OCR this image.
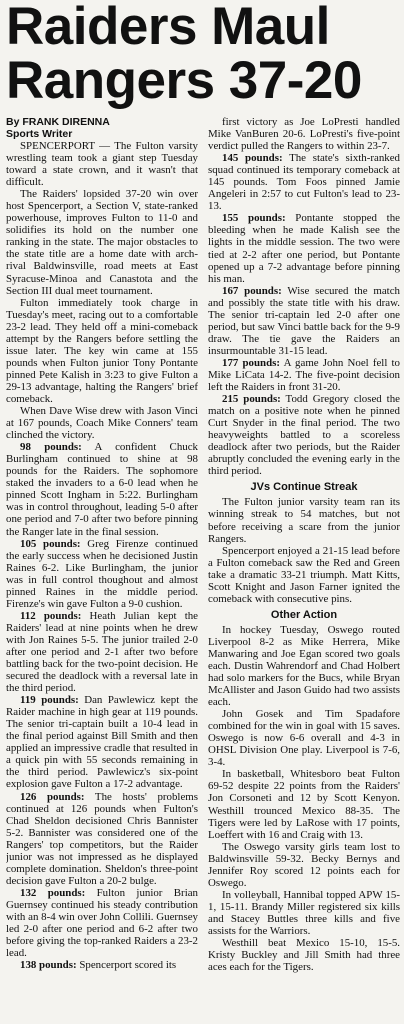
Raiders Maul
Rangers 37-20
By FRANK DIRENNA
Sports Writer

SPENCERPORT — The Fulton varsity wrestling team took a giant step Tuesday toward a state crown, and it wasn't that difficult.

The Raiders' lopsided 37-20 win over host Spencerport, a Section V, state-ranked powerhouse, improves Fulton to 11-0 and solidifies its hold on the number one ranking in the state. The major obstacles to the state title are a home date with arch-rival Baldwinsville, road meets at East Syracuse-Minoa and Canastota and the Section III dual meet tournament.

Fulton immediately took charge in Tuesday's meet, racing out to a comfortable 23-2 lead. They held off a mini-comeback attempt by the Rangers before settling the issue later. The key win came at 155 pounds when Fulton junior Tony Pontante pinned Pete Kalish in 3:23 to give Fulton a 29-13 advantage, halting the Rangers' brief comeback.

When Dave Wise drew with Jason Vinci at 167 pounds, Coach Mike Conners' team clinched the victory.

98 pounds: A confident Chuck Burlingham continued to shine at 98 pounds for the Raiders. The sophomore staked the invaders to a 6-0 lead when he pinned Scott Ingham in 5:22. Burlingham was in control throughout, leading 5-0 after one period and 7-0 after two before pinning the Ranger late in the final session.

105 pounds: Greg Firenze continued the early success when he decisioned Justin Raines 6-2. Like Burlingham, the junior was in full control thoughout and almost pinned Raines in the middle period. Firenze's win gave Fulton a 9-0 cushion.

112 pounds: Heath Julian kept the Raiders' lead at nine points when he drew with Jon Raines 5-5. The junior trailed 2-0 after one period and 2-1 after two before battling back for the two-point decision. He secured the deadlock with a reversal late in the third period.

119 pounds: Dan Pawlewicz kept the Raider machine in high gear at 119 pounds. The senior tri-captain built a 10-4 lead in the final period against Bill Smith and then applied an impressive cradle that resulted in a quick pin with 55 seconds remaining in the third period. Pawlewicz's six-point explosion gave Fulton a 17-2 advantage.

126 pounds: The hosts' problems continued at 126 pounds when Fulton's Chad Sheldon decisioned Chris Bannister 5-2. Bannister was considered one of the Rangers' top competitors, but the Raider junior was not impressed as he displayed complete domination. Sheldon's three-point decision gave Fulton a 20-2 bulge.

132 pounds: Fulton junior Brian Guernsey continued his steady contribution with an 8-4 win over John Collili. Guernsey led 2-0 after one period and 6-2 after two before giving the top-ranked Raiders a 23-2 lead.

138 pounds: Spencerport scored its

first victory as Joe LoPresti handled Mike VanBuren 20-6. LoPresti's five-point verdict pulled the Rangers to within 23-7.

145 pounds: The state's sixth-ranked squad continued its temporary comeback at 145 pounds. Tom Foos pinned Jamie Angeleri in 2:57 to cut Fulton's lead to 23-13.

155 pounds: Pontante stopped the bleeding when he made Kalish see the lights in the middle session. The two were tied at 2-2 after one period, but Pontante opened up a 7-2 advantage before pinning his man.

167 pounds: Wise secured the match and possibly the state title with his draw. The senior tri-captain led 2-0 after one period, but saw Vinci battle back for the 9-9 draw. The tie gave the Raiders an insurmountable 31-15 lead.

177 pounds: A game John Noel fell to Mike LiCata 14-2. The five-point decision left the Raiders in front 31-20.

215 pounds: Todd Gregory closed the match on a positive note when he pinned Curt Snyder in the final period. The two heavyweights battled to a scoreless deadlock after two periods, but the Raider abruptly concluded the evening early in the third period.

JVs Continue Streak

The Fulton junior varsity team ran its winning streak to 54 matches, but not before receiving a scare from the junior Rangers.

Spencerport enjoyed a 21-15 lead before a Fulton comeback saw the Red and Green take a dramatic 33-21 triumph. Matt Kitts, Scott Knight and Jason Farner ignited the comeback with consecutive pins.

Other Action

In hockey Tuesday, Oswego routed Liverpool 8-2 as Mike Herrera, Mike Manwaring and Joe Egan scored two goals each. Dustin Wahrendorf and Chad Holbert had solo markers for the Bucs, while Bryan McAllister and Jason Guido had two assists each.

John Gosek and Tim Spadafore combined for the win in goal with 15 saves. Oswego is now 6-6 overall and 4-3 in OHSL Division One play. Liverpool is 7-6, 3-4.

In basketball, Whitesboro beat Fulton 69-52 despite 22 points from the Raiders' Jon Corsoneti and 12 by Scott Kenyon. Westhill trounced Mexico 88-35. The Tigers were led by LaRose with 17 points, Loeffert with 16 and Craig with 13.

The Oswego varsity girls team lost to Baldwinsville 59-32. Becky Bernys and Jennifer Roy scored 12 points each for Oswego.

In volleyball, Hannibal topped APW 15-1, 15-11. Brandy Miller registered six kills and Stacey Buttles three kills and five assists for the Warriors.

Westhill beat Mexico 15-10, 15-5. Kristy Buckley and Jill Smith had three aces each for the Tigers.
